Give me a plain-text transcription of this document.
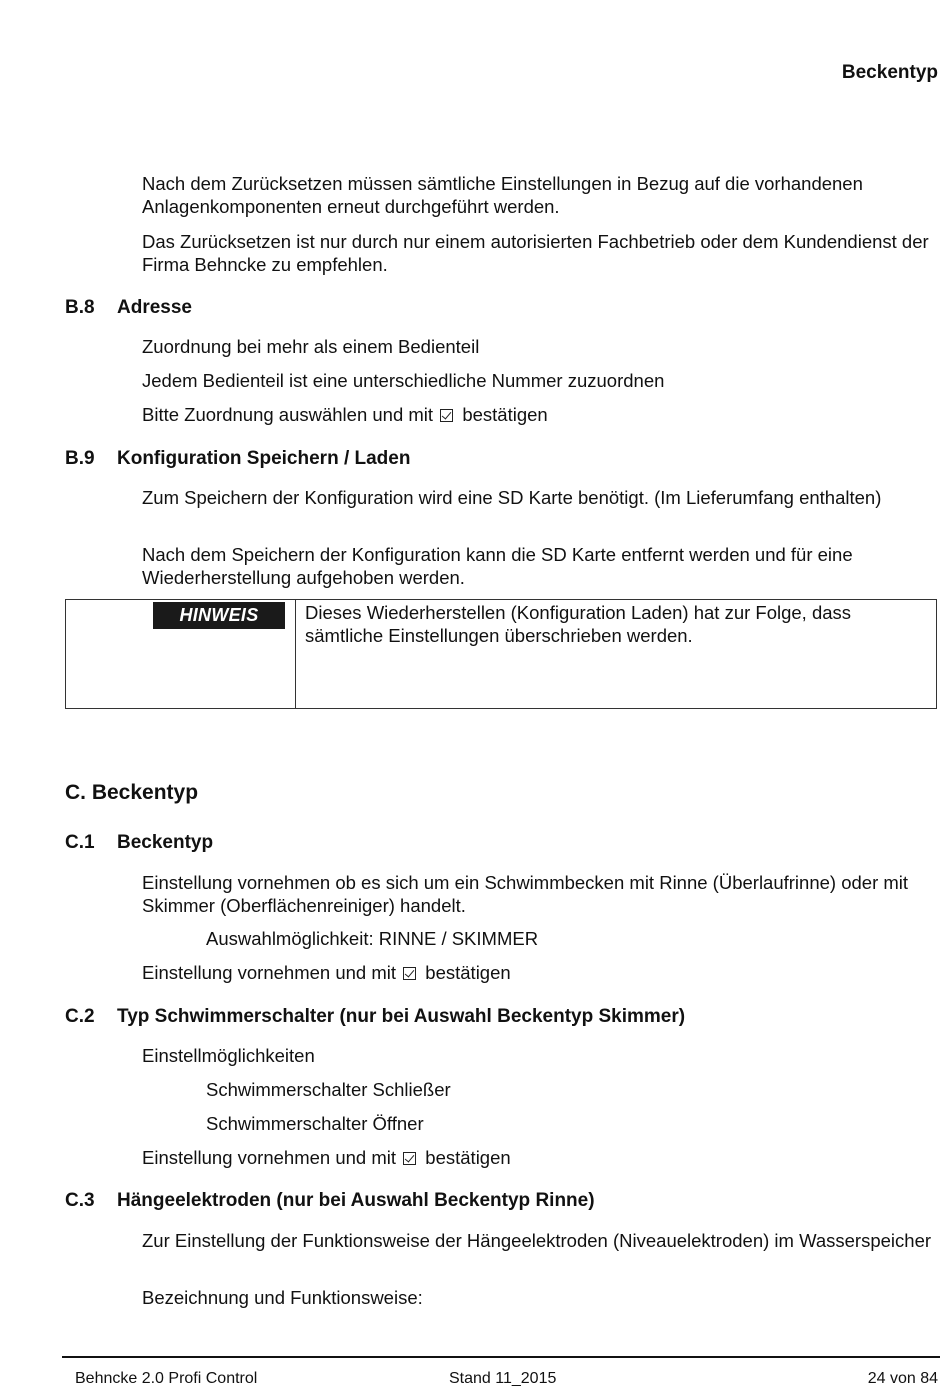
Beckentyp
Nach dem Zurücksetzen müssen sämtliche Einstellungen in Bezug auf die vorhandenen Anlagenkomponenten erneut durchgeführt werden.
Das Zurücksetzen ist nur durch nur einem autorisierten Fachbetrieb oder dem Kundendienst der Firma Behncke zu empfehlen.
B.8 Adresse
Zuordnung bei mehr als einem Bedienteil
Jedem Bedienteil ist eine unterschiedliche Nummer zuzuordnen
Bitte Zuordnung auswählen und mit bestätigen
B.9 Konfiguration Speichern / Laden
Zum Speichern der Konfiguration wird eine SD Karte benötigt. (Im Lieferumfang enthalten)
Nach dem Speichern der Konfiguration kann die SD Karte entfernt werden und für eine Wiederherstellung aufgehoben werden.
HINWEIS	Dieses Wiederherstellen (Konfiguration Laden) hat zur Folge, dass sämtliche Einstellungen überschrieben werden.
C. Beckentyp
C.1 Beckentyp
Einstellung vornehmen ob es sich um ein Schwimmbecken mit Rinne (Überlaufrinne) oder mit Skimmer (Oberflächenreiniger) handelt.
Auswahlmöglichkeit: RINNE / SKIMMER
Einstellung vornehmen und mit bestätigen
C.2 Typ Schwimmerschalter (nur bei Auswahl Beckentyp Skimmer)
Einstellmöglichkeiten
Schwimmerschalter Schließer
Schwimmerschalter Öffner
Einstellung vornehmen und mit bestätigen
C.3 Hängeelektroden (nur bei Auswahl Beckentyp Rinne)
Zur Einstellung der Funktionsweise der Hängeelektroden (Niveauelektroden) im Wasserspeicher
Bezeichnung und Funktionsweise:
Behncke 2.0 Profi Control	Stand 11_2015	24 von 84
